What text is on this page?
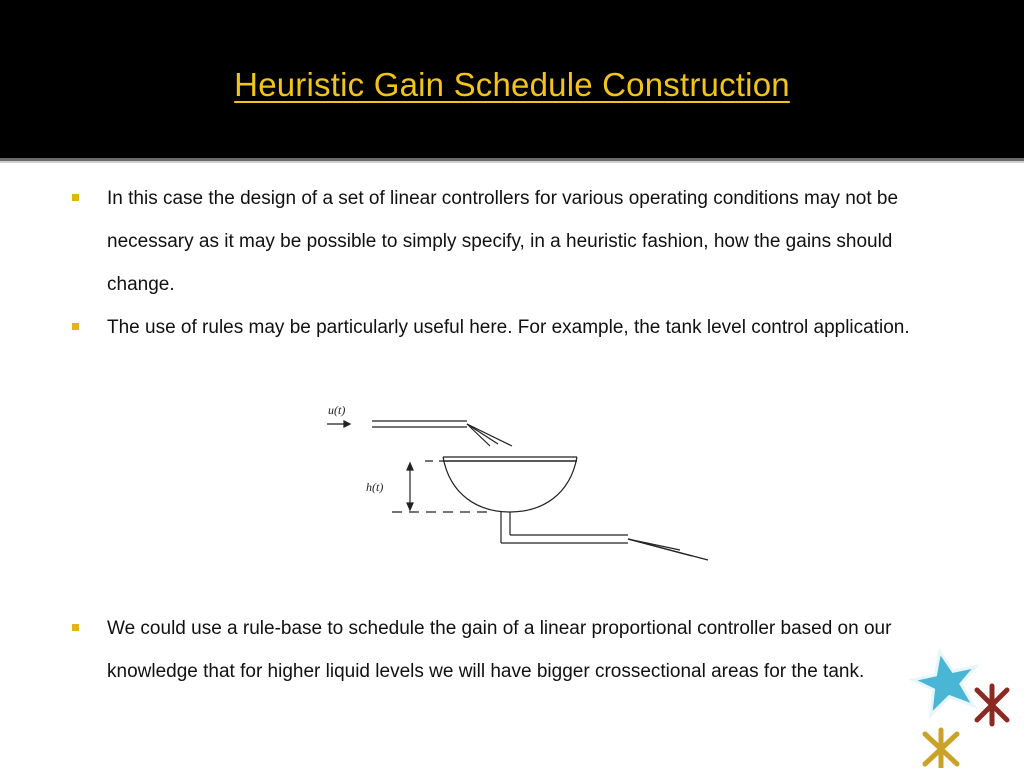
Heuristic Gain Schedule Construction
In this case the design of a set of linear controllers for various operating conditions may not be necessary as it may be possible to simply specify, in a heuristic fashion, how the gains should change.
The use of rules may be particularly useful here. For example, the tank level control application.
We could use a rule-base to schedule the gain of a linear proportional controller based on our knowledge that for higher liquid levels we will have bigger crossectional areas for the tank.
u(t)
h(t)
